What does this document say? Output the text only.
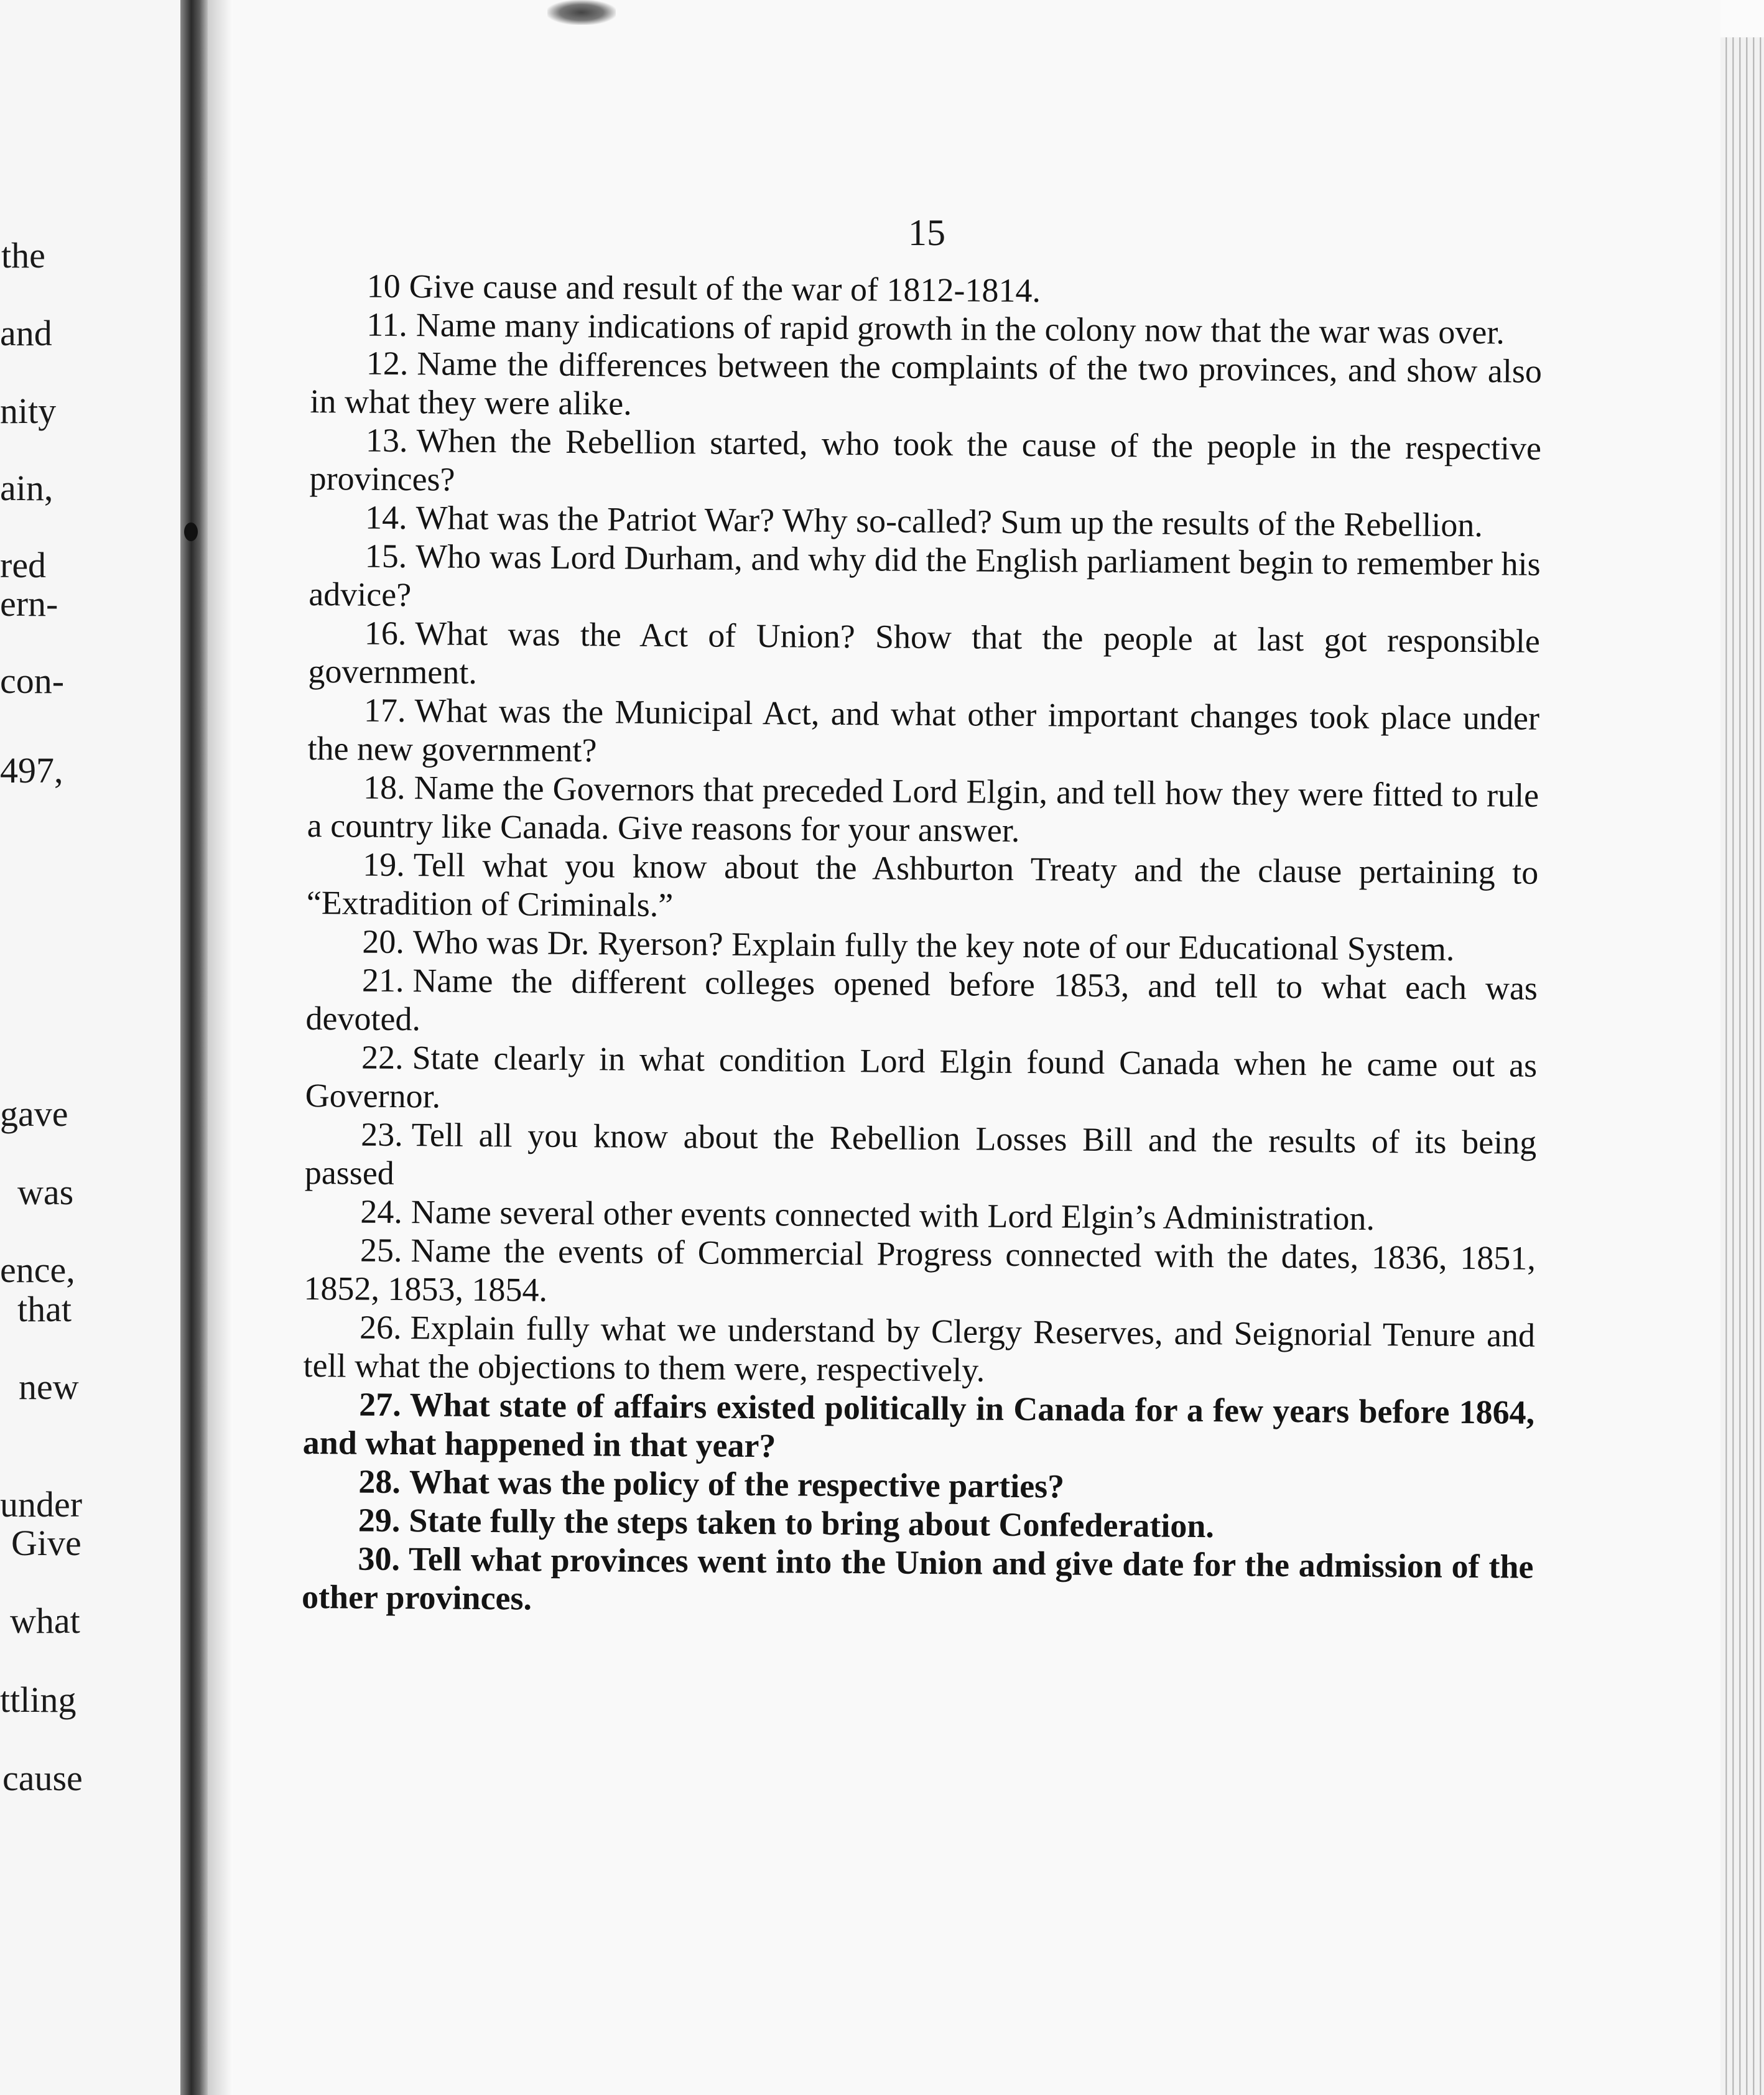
the
and
nity
ain,
red
ern-
con-
497,
gave
was
ence,
that
new
under
Give
what
ttling
cause
15
10 Give cause and result of the war of 1812-1814.
11. Name many indications of rapid growth in the colony now that the war was over.
12. Name the differences between the complaints of the two provinces, and show also in what they were alike.
13. When the Rebellion started, who took the cause of the people in the respective provinces?
14. What was the Patriot War? Why so-called? Sum up the results of the Rebellion.
15. Who was Lord Durham, and why did the English parliament begin to remember his advice?
16. What was the Act of Union? Show that the people at last got responsible government.
17. What was the Municipal Act, and what other important changes took place under the new government?
18. Name the Governors that preceded Lord Elgin, and tell how they were fitted to rule a country like Canada. Give reasons for your answer.
19. Tell what you know about the Ashburton Treaty and the clause pertaining to “Extradition of Criminals.”
20. Who was Dr. Ryerson? Explain fully the key note of our Educational System.
21. Name the different colleges opened before 1853, and tell to what each was devoted.
22. State clearly in what condition Lord Elgin found Canada when he came out as Governor.
23. Tell all you know about the Rebellion Losses Bill and the results of its being passed
24. Name several other events connected with Lord Elgin’s Administration.
25. Name the events of Commercial Progress connected with the dates, 1836, 1851, 1852, 1853, 1854.
26. Explain fully what we understand by Clergy Reserves, and Seignorial Tenure and tell what the objections to them were, respectively.
27. What state of affairs existed politically in Canada for a few years before 1864, and what happened in that year?
28. What was the policy of the respective parties?
29. State fully the steps taken to bring about Confederation.
30. Tell what provinces went into the Union and give date for the admission of the other provinces.
